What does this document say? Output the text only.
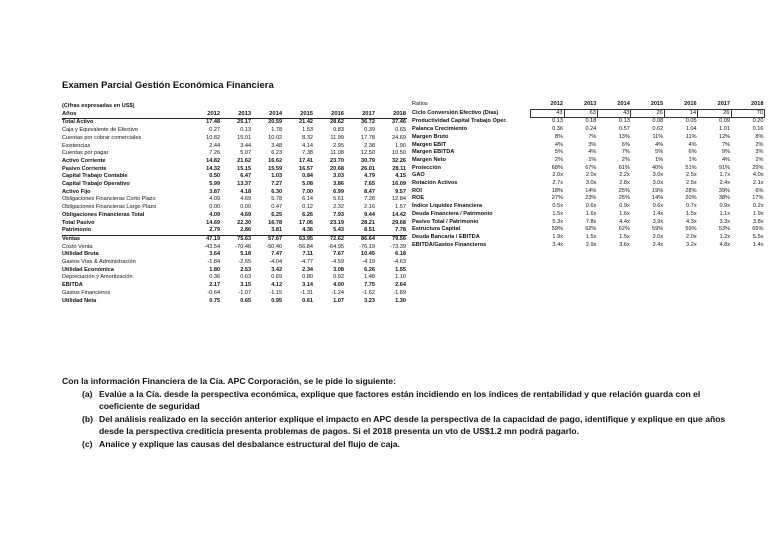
Examen Parcial Gestión Económica Financiera
(Cifras expresadas en US$)							
Años	2012	2013	2014	2015	2016	2017	2018
Total Activo	17.48	25.17	20.59	21.42	28.62	36.72	37.46
Caja y Equivalente de Efectivo	0.27	0.13	1.78	1.53	0.83	0.39	0.65
Cuentas por cobrar comerciales	10.82	15.01	10.02	8.32	11.99	17.78	24.69
Existencias	2.44	3.44	3.48	4.14	2.95	2.38	1.90
Cuentas por pagar	7.26	5.07	6.23	7.38	11.08	12.50	10.50
Activo Corriente	14.82	21.62	16.62	17.41	23.70	30.79	32.26
Pasivo Corriente	14.32	15.15	15.59	16.57	20.68	26.01	28.11
Capital Trabajo Contable	0.50	6.47	1.03	0.84	3.03	4.79	4.15
Capital Trabajo Operativo	5.99	13.37	7.27	5.08	3.86	7.65	16.09
Activo Fijo	3.87	4.18	6.30	7.00	6.99	8.47	9.57
Obligaciones Financieras Corto Plazo	4.09	4.69	5.78	6.14	5.61	7.28	12.84
Obligaciones Financieras Largo Plazo	0.00	0.00	0.47	0.12	2.32	2.16	1.57
Obligaciones Financieras Total	4.09	4.69	6.25	6.26	7.93	9.44	14.42
Total Pasivo	14.69	22.30	16.78	17.06	23.19	28.21	29.68
Patrimonio	2.79	2.86	3.81	4.36	5.43	8.51	7.78
Ventas	47.19	75.63	57.67	63.95	72.62	86.64	79.56
Costo Venta	-43.54	-70.46	-50.40	-56.84	-64.95	-76.19	-73.39
Utilidad Bruta	3.64	5.18	7.47	7.11	7.67	10.45	6.18
Gastos Vtas & Administración	-1.84	-2.65	-4.04	-4.77	-4.59	-4.19	-4.63
Utilidad Económica	1.80	2.53	3.42	2.34	3.08	6.26	1.55
Depreciación y Amortización	0.36	0.63	0.69	0.80	0.92	1.48	1.10
EBITDA	2.17	3.15	4.12	3.14	4.00	7.75	2.64
Gastos Financieros	-0.64	-1.07	-1.15	-1.31	-1.24	-1.62	-1.89
Utilidad Neta	0.75	0.65	0.95	0.61	1.07	3.23	1.30
Ratios	2012	2013	2014	2015	2016	2017	2018
Ciclo Conversión Efectivo (Días)	43	63	43	26	14	26	70
Productividad Capital Trabajo Oper.	0.13	0.18	0.13	0.08	0.05	0.09	0.20
Palanca Crecimiento	0.36	0.24	0.57	0.62	1.04	1.01	0.16
Margen Bruto	8%	7%	13%	11%	11%	12%	8%
Margen EBIT	4%	3%	6%	4%	4%	7%	2%
Margen EBITDA	5%	4%	7%	5%	6%	9%	3%
Margen Neto	2%	1%	2%	1%	1%	4%	2%
Protección	68%	67%	61%	40%	51%	91%	29%
GAO	2.0x	2.0x	2.2x	3.0x	2.5x	1.7x	4.0x
Rotación Activos	2.7x	3.0x	2.8x	3.0x	2.5x	2.4x	2.1x
ROI	18%	14%	25%	19%	28%	39%	6%
ROE	27%	23%	25%	14%	20%	38%	17%
Índice Liquidez Financiera	0.5x	0.6x	0.9x	0.6x	0.7x	0.9x	0.2x
Deuda Financiera / Patrimonio	1.5x	1.6x	1.6x	1.4x	1.5x	1.1x	1.9x
Pasivo Total / Patrimonio	5.3x	7.8x	4.4x	3.9x	4.3x	3.3x	3.8x
Estructura Capital	59%	62%	62%	59%	59%	53%	65%
Deuda Bancaria / EBITDA	1.9x	1.5x	1.5x	2.0x	2.0x	1.2x	5.5x
EBITDA/Gastos Financieros	3.4x	2.9x	3.6x	2.4x	3.2x	4.8x	1.4x
Con la información Financiera de la Cía. APC Corporación, se le pide lo siguiente:
(a) Evalúe a la Cía. desde la perspectiva económica, explique que factores están incidiendo en los índices de rentabilidad y que relación guarda con el coeficiente de seguridad
(b) Del análisis realizado en la sección anterior explique el impacto en APC desde la perspectiva de la capacidad de pago, identifique y explique en que años desde la perspectiva crediticia presenta problemas de pagos. Si el 2018 presenta un vto de US$1.2 mn podrá pagarlo.
(c) Analice y explique las causas del desbalance estructural del flujo de caja.
